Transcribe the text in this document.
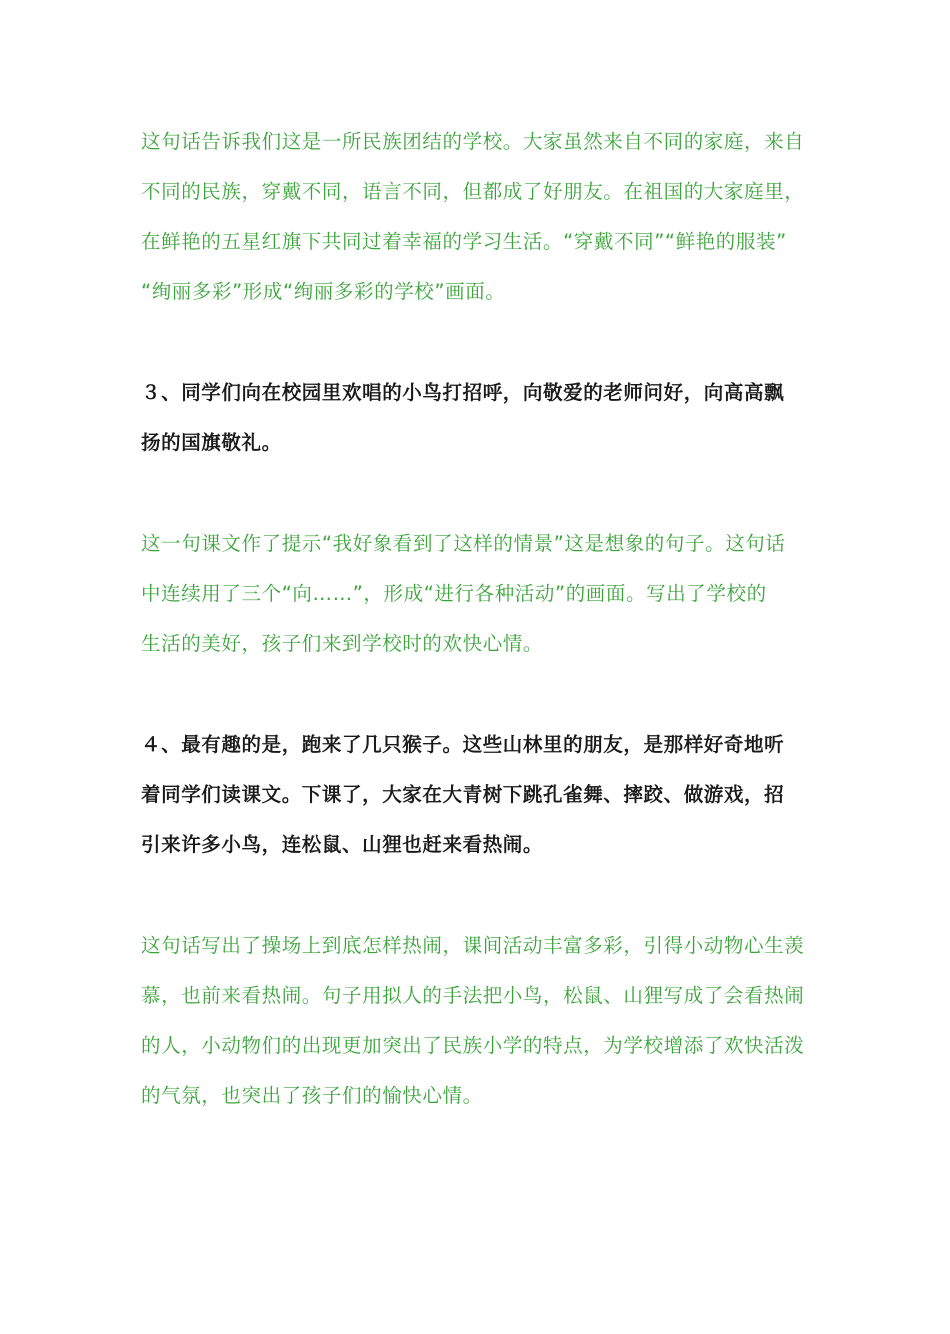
这句话告诉我们这是一所民族团结的学校。大家虽然来自不同的家庭，来自
不同的民族，穿戴不同，语言不同，但都成了好朋友。在祖国的大家庭里，
在鲜艳的五星红旗下共同过着幸福的学习生活。“穿戴不同”“鲜艳的服装”
“绚丽多彩”形成“绚丽多彩的学校”画面。
３、同学们向在校园里欢唱的小鸟打招呼，向敬爱的老师问好，向高高飘
扬的国旗敬礼。
这一句课文作了提示“我好象看到了这样的情景”这是想象的句子。这句话
中连续用了三个“向……”，形成“进行各种活动”的画面。写出了学校的
生活的美好，孩子们来到学校时的欢快心情。
４、最有趣的是，跑来了几只猴子。这些山林里的朋友，是那样好奇地听
着同学们读课文。下课了，大家在大青树下跳孔雀舞、摔跤、做游戏，招
引来许多小鸟，连松鼠、山狸也赶来看热闹。
这句话写出了操场上到底怎样热闹，课间活动丰富多彩，引得小动物心生羡
慕，也前来看热闹。句子用拟人的手法把小鸟，松鼠、山狸写成了会看热闹
的人，小动物们的出现更加突出了民族小学的特点，为学校增添了欢快活泼
的气氛，也突出了孩子们的愉快心情。
